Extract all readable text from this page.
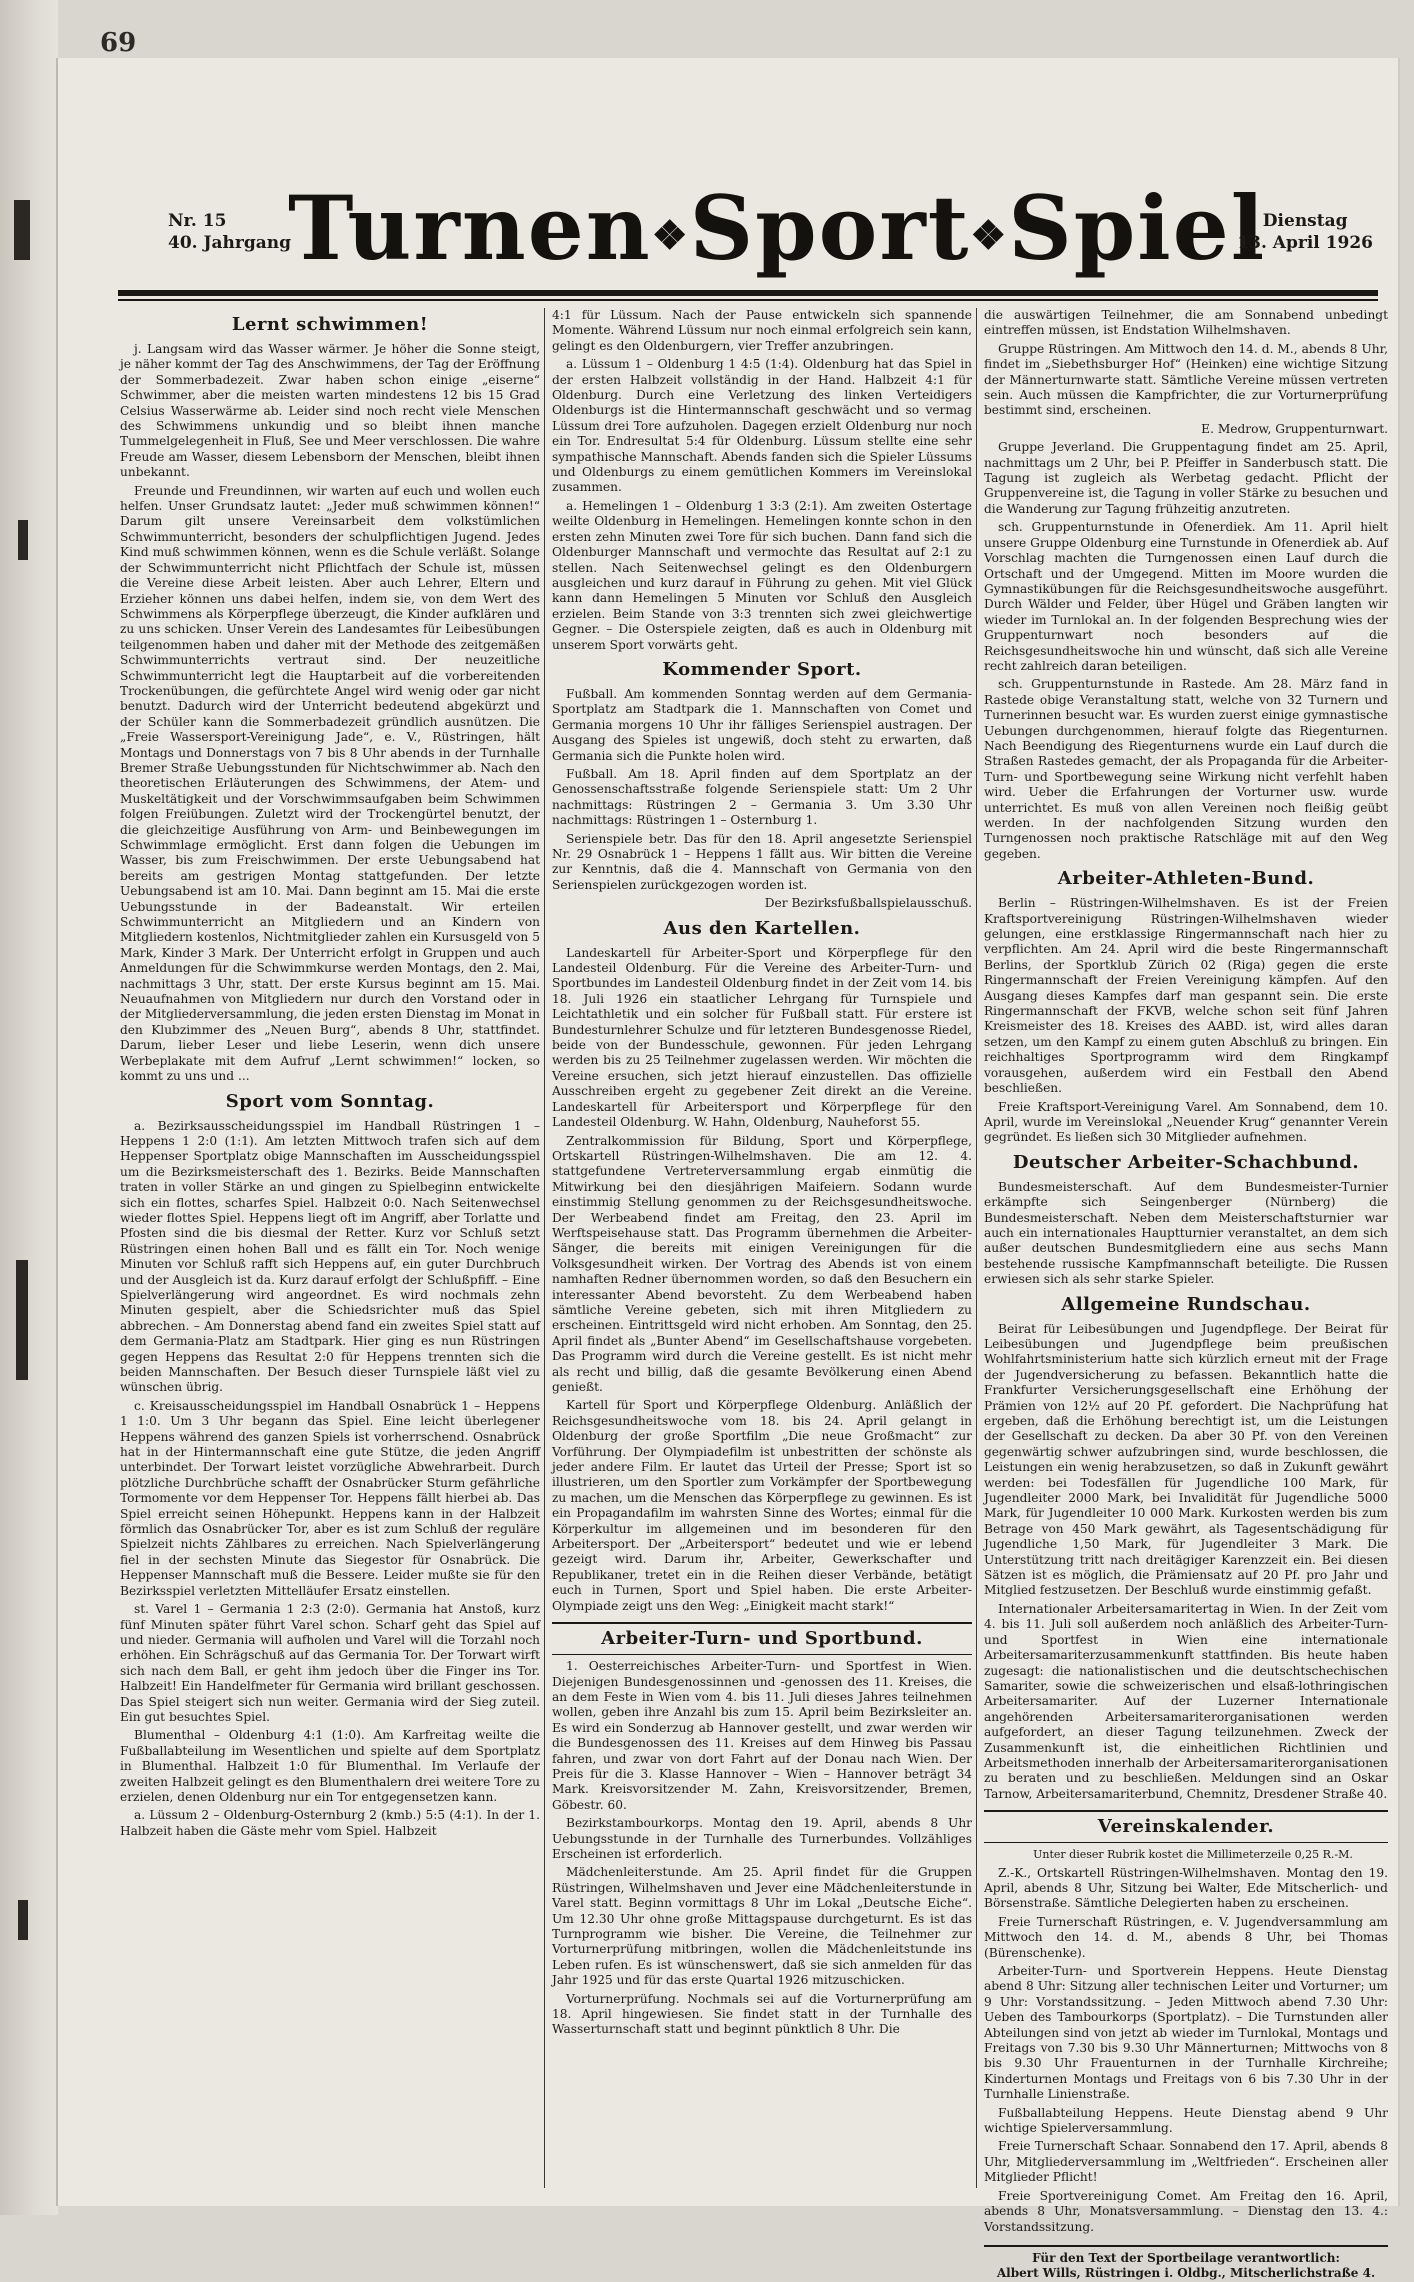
69
Nr. 15
40. Jahrgang
Turnen❖Sport❖Spiel
Dienstag
13. April 1926
Lernt schwimmen!

j. Langsam wird das Wasser wärmer. Je höher die Sonne steigt, je näher kommt der Tag des Anschwimmens, der Tag der Eröffnung der Sommerbadezeit. Zwar haben schon einige „eiserne“ Schwimmer, aber die meisten warten mindestens 12 bis 15 Grad Celsius Wasserwärme ab. Leider sind noch recht viele Menschen des Schwimmens unkundig und so bleibt ihnen manche Tummelgelegenheit in Fluß, See und Meer verschlossen. Die wahre Freude am Wasser, diesem Lebensborn der Menschen, bleibt ihnen unbekannt.

Freunde und Freundinnen, wir warten auf euch und wollen euch helfen. Unser Grundsatz lautet: „Jeder muß schwimmen können!“ Darum gilt unsere Vereinsarbeit dem volkstümlichen Schwimmunterricht, besonders der schulpflichtigen Jugend. Jedes Kind muß schwimmen können, wenn es die Schule verläßt. Solange der Schwimmunterricht nicht Pflichtfach der Schule ist, müssen die Vereine diese Arbeit leisten. Aber auch Lehrer, Eltern und Erzieher können uns dabei helfen, indem sie, von dem Wert des Schwimmens als Körperpflege überzeugt, die Kinder aufklären und zu uns schicken. Unser Verein des Landesamtes für Leibesübungen teilgenommen haben und daher mit der Methode des zeitgemäßen Schwimmunterrichts vertraut sind. Der neuzeitliche Schwimmunterricht legt die Hauptarbeit auf die vorbereitenden Trockenübungen, die gefürchtete Angel wird wenig oder gar nicht benutzt. Dadurch wird der Unterricht bedeutend abgekürzt und der Schüler kann die Sommerbadezeit gründlich ausnützen. Die „Freie Wassersport-Vereinigung Jade“, e. V., Rüstringen, hält Montags und Donnerstags von 7 bis 8 Uhr abends in der Turnhalle Bremer Straße Uebungsstunden für Nichtschwimmer ab. Nach den theoretischen Erläuterungen des Schwimmens, der Atem- und Muskeltätigkeit und der Vorschwimmsaufgaben beim Schwimmen folgen Freiübungen. Zuletzt wird der Trockengürtel benutzt, der die gleichzeitige Ausführung von Arm- und Beinbewegungen im Schwimmlage ermöglicht. Erst dann folgen die Uebungen im Wasser, bis zum Freischwimmen. Der erste Uebungsabend hat bereits am gestrigen Montag stattgefunden. Der letzte Uebungsabend ist am 10. Mai. Dann beginnt am 15. Mai die erste Uebungsstunde in der Badeanstalt. Wir erteilen Schwimmunterricht an Mitgliedern und an Kindern von Mitgliedern kostenlos, Nichtmitglieder zahlen ein Kursusgeld von 5 Mark, Kinder 3 Mark. Der Unterricht erfolgt in Gruppen und auch Anmeldungen für die Schwimmkurse werden Montags, den 2. Mai, nachmittags 3 Uhr, statt. Der erste Kursus beginnt am 15. Mai. Neuaufnahmen von Mitgliedern nur durch den Vorstand oder in der Mitgliederversammlung, die jeden ersten Dienstag im Monat in den Klubzimmer des „Neuen Burg“, abends 8 Uhr, stattfindet. Darum, lieber Leser und liebe Leserin, wenn dich unsere Werbeplakate mit dem Aufruf „Lernt schwimmen!“ locken, so kommt zu uns und ...

Sport vom Sonntag.

a. Bezirksausscheidungsspiel im Handball Rüstringen 1 – Heppens 1 2:0 (1:1). Am letzten Mittwoch trafen sich auf dem Heppenser Sportplatz obige Mannschaften im Ausscheidungsspiel um die Bezirksmeisterschaft des 1. Bezirks. Beide Mannschaften traten in voller Stärke an und gingen zu Spielbeginn entwickelte sich ein flottes, scharfes Spiel. Halbzeit 0:0. Nach Seitenwechsel wieder flottes Spiel. Heppens liegt oft im Angriff, aber Torlatte und Pfosten sind die bis diesmal der Retter. Kurz vor Schluß setzt Rüstringen einen hohen Ball und es fällt ein Tor. Noch wenige Minuten vor Schluß rafft sich Heppens auf, ein guter Durchbruch und der Ausgleich ist da. Kurz darauf erfolgt der Schlußpfiff. – Eine Spielverlängerung wird angeordnet. Es wird nochmals zehn Minuten gespielt, aber die Schiedsrichter muß das Spiel abbrechen. – Am Donnerstag abend fand ein zweites Spiel statt auf dem Germania-Platz am Stadtpark. Hier ging es nun Rüstringen gegen Heppens das Resultat 2:0 für Heppens trennten sich die beiden Mannschaften. Der Besuch dieser Turnspiele läßt viel zu wünschen übrig.

c. Kreisausscheidungsspiel im Handball Osnabrück 1 – Heppens 1 1:0. Um 3 Uhr begann das Spiel. Eine leicht überlegener Heppens während des ganzen Spiels ist vorherrschend. Osnabrück hat in der Hintermannschaft eine gute Stütze, die jeden Angriff unterbindet. Der Torwart leistet vorzügliche Abwehrarbeit. Durch plötzliche Durchbrüche schafft der Osnabrücker Sturm gefährliche Tormomente vor dem Heppenser Tor. Heppens fällt hierbei ab. Das Spiel erreicht seinen Höhepunkt. Heppens kann in der Halbzeit förmlich das Osnabrücker Tor, aber es ist zum Schluß der reguläre Spielzeit nichts Zählbares zu erreichen. Nach Spielverlängerung fiel in der sechsten Minute das Siegestor für Osnabrück. Die Heppenser Mannschaft muß die Bessere. Leider mußte sie für den Bezirksspiel verletzten Mittelläufer Ersatz einstellen.

st. Varel 1 – Germania 1 2:3 (2:0). Germania hat Anstoß, kurz fünf Minuten später führt Varel schon. Scharf geht das Spiel auf und nieder. Germania will aufholen und Varel will die Torzahl noch erhöhen. Ein Schrägschuß auf das Germania Tor. Der Torwart wirft sich nach dem Ball, er geht ihm jedoch über die Finger ins Tor. Halbzeit! Ein Handelfmeter für Germania wird brillant geschossen. Das Spiel steigert sich nun weiter. Germania wird der Sieg zuteil. Ein gut besuchtes Spiel.

Blumenthal – Oldenburg 4:1 (1:0). Am Karfreitag weilte die Fußballabteilung im Wesentlichen und spielte auf dem Sportplatz in Blumenthal. Halbzeit 1:0 für Blumenthal. Im Verlaufe der zweiten Halbzeit gelingt es den Blumenthalern drei weitere Tore zu erzielen, denen Oldenburg nur ein Tor entgegensetzen kann.

a. Lüssum 2 – Oldenburg-Osternburg 2 (kmb.) 5:5 (4:1). In der 1. Halbzeit haben die Gäste mehr vom Spiel. Halbzeit

4:1 für Lüssum. Nach der Pause entwickeln sich spannende Momente. Während Lüssum nur noch einmal erfolgreich sein kann, gelingt es den Oldenburgern, vier Treffer anzubringen.

a. Lüssum 1 – Oldenburg 1 4:5 (1:4). Oldenburg hat das Spiel in der ersten Halbzeit vollständig in der Hand. Halbzeit 4:1 für Oldenburg. Durch eine Verletzung des linken Verteidigers Oldenburgs ist die Hintermannschaft geschwächt und so vermag Lüssum drei Tore aufzuholen. Dagegen erzielt Oldenburg nur noch ein Tor. Endresultat 5:4 für Oldenburg. Lüssum stellte eine sehr sympathische Mannschaft. Abends fanden sich die Spieler Lüssums und Oldenburgs zu einem gemütlichen Kommers im Vereinslokal zusammen.

a. Hemelingen 1 – Oldenburg 1 3:3 (2:1). Am zweiten Ostertage weilte Oldenburg in Hemelingen. Hemelingen konnte schon in den ersten zehn Minuten zwei Tore für sich buchen. Dann fand sich die Oldenburger Mannschaft und vermochte das Resultat auf 2:1 zu stellen. Nach Seitenwechsel gelingt es den Oldenburgern ausgleichen und kurz darauf in Führung zu gehen. Mit viel Glück kann dann Hemelingen 5 Minuten vor Schluß den Ausgleich erzielen. Beim Stande von 3:3 trennten sich zwei gleichwertige Gegner. – Die Osterspiele zeigten, daß es auch in Oldenburg mit unserem Sport vorwärts geht.

Kommender Sport.

Fußball. Am kommenden Sonntag werden auf dem Germania-Sportplatz am Stadtpark die 1. Mannschaften von Comet und Germania morgens 10 Uhr ihr fälliges Serienspiel austragen. Der Ausgang des Spieles ist ungewiß, doch steht zu erwarten, daß Germania sich die Punkte holen wird.

Fußball. Am 18. April finden auf dem Sportplatz an der Genossenschaftsstraße folgende Serienspiele statt: Um 2 Uhr nachmittags: Rüstringen 2 – Germania 3. Um 3.30 Uhr nachmittags: Rüstringen 1 – Osternburg 1.

Serienspiele betr. Das für den 18. April angesetzte Serienspiel Nr. 29 Osnabrück 1 – Heppens 1 fällt aus. Wir bitten die Vereine zur Kenntnis, daß die 4. Mannschaft von Germania von den Serienspielen zurückgezogen worden ist.

Der Bezirksfußballspielausschuß.

Aus den Kartellen.

Landeskartell für Arbeiter-Sport und Körperpflege für den Landesteil Oldenburg. Für die Vereine des Arbeiter-Turn- und Sportbundes im Landesteil Oldenburg findet in der Zeit vom 14. bis 18. Juli 1926 ein staatlicher Lehrgang für Turnspiele und Leichtathletik und ein solcher für Fußball statt. Für erstere ist Bundesturnlehrer Schulze und für letzteren Bundesgenosse Riedel, beide von der Bundesschule, gewonnen. Für jeden Lehrgang werden bis zu 25 Teilnehmer zugelassen werden. Wir möchten die Vereine ersuchen, sich jetzt hierauf einzustellen. Das offizielle Ausschreiben ergeht zu gegebener Zeit direkt an die Vereine. Landeskartell für Arbeitersport und Körperpflege für den Landesteil Oldenburg. W. Hahn, Oldenburg, Nauheforst 55.

Zentralkommission für Bildung, Sport und Körperpflege, Ortskartell Rüstringen-Wilhelmshaven. Die am 12. 4. stattgefundene Vertreterversammlung ergab einmütig die Mitwirkung bei den diesjährigen Maifeiern. Sodann wurde einstimmig Stellung genommen zu der Reichsgesundheitswoche. Der Werbeabend findet am Freitag, den 23. April im Werftspeisehause statt. Das Programm übernehmen die Arbeiter-Sänger, die bereits mit einigen Vereinigungen für die Volksgesundheit wirken. Der Vortrag des Abends ist von einem namhaften Redner übernommen worden, so daß den Besuchern ein interessanter Abend bevorsteht. Zu dem Werbeabend haben sämtliche Vereine gebeten, sich mit ihren Mitgliedern zu erscheinen. Eintrittsgeld wird nicht erhoben. Am Sonntag, den 25. April findet als „Bunter Abend“ im Gesellschaftshause vorgebeten. Das Programm wird durch die Vereine gestellt. Es ist nicht mehr als recht und billig, daß die gesamte Bevölkerung einen Abend genießt.

Kartell für Sport und Körperpflege Oldenburg. Anläßlich der Reichsgesundheitswoche vom 18. bis 24. April gelangt in Oldenburg der große Sportfilm „Die neue Großmacht“ zur Vorführung. Der Olympiadefilm ist unbestritten der schönste als jeder andere Film. Er lautet das Urteil der Presse; Sport ist so illustrieren, um den Sportler zum Vorkämpfer der Sportbewegung zu machen, um die Menschen das Körperpflege zu gewinnen. Es ist ein Propagandafilm im wahrsten Sinne des Wortes; einmal für die Körperkultur im allgemeinen und im besonderen für den Arbeitersport. Der „Arbeitersport“ bedeutet und wie er lebend gezeigt wird. Darum ihr, Arbeiter, Gewerkschafter und Republikaner, tretet ein in die Reihen dieser Verbände, betätigt euch in Turnen, Sport und Spiel haben. Die erste Arbeiter-Olympiade zeigt uns den Weg: „Einigkeit macht stark!“

Arbeiter-Turn- und Sportbund.

1. Oesterreichisches Arbeiter-Turn- und Sportfest in Wien. Diejenigen Bundesgenossinnen und -genossen des 11. Kreises, die an dem Feste in Wien vom 4. bis 11. Juli dieses Jahres teilnehmen wollen, geben ihre Anzahl bis zum 15. April beim Bezirksleiter an. Es wird ein Sonderzug ab Hannover gestellt, und zwar werden wir die Bundesgenossen des 11. Kreises auf dem Hinweg bis Passau fahren, und zwar von dort Fahrt auf der Donau nach Wien. Der Preis für die 3. Klasse Hannover – Wien – Hannover beträgt 34 Mark. Kreisvorsitzender M. Zahn, Kreisvorsitzender, Bremen, Göbestr. 60.

Bezirkstambourkorps. Montag den 19. April, abends 8 Uhr Uebungsstunde in der Turnhalle des Turnerbundes. Vollzähliges Erscheinen ist erforderlich.

Mädchenleiterstunde. Am 25. April findet für die Gruppen Rüstringen, Wilhelmshaven und Jever eine Mädchenleiterstunde in Varel statt. Beginn vormittags 8 Uhr im Lokal „Deutsche Eiche“. Um 12.30 Uhr ohne große Mittagspause durchgeturnt. Es ist das Turnprogramm wie bisher. Die Vereine, die Teilnehmer zur Vorturnerprüfung mitbringen, wollen die Mädchenleitstunde ins Leben rufen. Es ist wünschenswert, daß sie sich anmelden für das Jahr 1925 und für das erste Quartal 1926 mitzuschicken.

Vorturnerprüfung. Nochmals sei auf die Vorturnerprüfung am 18. April hingewiesen. Sie findet statt in der Turnhalle des Wasserturnschaft statt und beginnt pünktlich 8 Uhr. Die

die auswärtigen Teilnehmer, die am Sonnabend unbedingt eintreffen müssen, ist Endstation Wilhelmshaven.

Gruppe Rüstringen. Am Mittwoch den 14. d. M., abends 8 Uhr, findet im „Siebethsburger Hof“ (Heinken) eine wichtige Sitzung der Männerturnwarte statt. Sämtliche Vereine müssen vertreten sein. Auch müssen die Kampfrichter, die zur Vorturnerprüfung bestimmt sind, erscheinen.

E. Medrow, Gruppenturnwart.

Gruppe Jeverland. Die Gruppentagung findet am 25. April, nachmittags um 2 Uhr, bei P. Pfeiffer in Sanderbusch statt. Die Tagung ist zugleich als Werbetag gedacht. Pflicht der Gruppenvereine ist, die Tagung in voller Stärke zu besuchen und die Wanderung zur Tagung frühzeitig anzutreten.

sch. Gruppenturnstunde in Ofenerdiek. Am 11. April hielt unsere Gruppe Oldenburg eine Turnstunde in Ofenerdiek ab. Auf Vorschlag machten die Turngenossen einen Lauf durch die Ortschaft und der Umgegend. Mitten im Moore wurden die Gymnastikübungen für die Reichsgesundheitswoche ausgeführt. Durch Wälder und Felder, über Hügel und Gräben langten wir wieder im Turnlokal an. In der folgenden Besprechung wies der Gruppenturnwart noch besonders auf die Reichsgesundheitswoche hin und wünscht, daß sich alle Vereine recht zahlreich daran beteiligen.

sch. Gruppenturnstunde in Rastede. Am 28. März fand in Rastede obige Veranstaltung statt, welche von 32 Turnern und Turnerinnen besucht war. Es wurden zuerst einige gymnastische Uebungen durchgenommen, hierauf folgte das Riegenturnen. Nach Beendigung des Riegenturnens wurde ein Lauf durch die Straßen Rastedes gemacht, der als Propaganda für die Arbeiter-Turn- und Sportbewegung seine Wirkung nicht verfehlt haben wird. Ueber die Erfahrungen der Vorturner usw. wurde unterrichtet. Es muß von allen Vereinen noch fleißig geübt werden. In der nachfolgenden Sitzung wurden den Turngenossen noch praktische Ratschläge mit auf den Weg gegeben.

Arbeiter-Athleten-Bund.

Berlin – Rüstringen-Wilhelmshaven. Es ist der Freien Kraftsportvereinigung Rüstringen-Wilhelmshaven wieder gelungen, eine erstklassige Ringermannschaft nach hier zu verpflichten. Am 24. April wird die beste Ringermannschaft Berlins, der Sportklub Zürich 02 (Riga) gegen die erste Ringermannschaft der Freien Vereinigung kämpfen. Auf den Ausgang dieses Kampfes darf man gespannt sein. Die erste Ringermannschaft der FKVB, welche schon seit fünf Jahren Kreismeister des 18. Kreises des AABD. ist, wird alles daran setzen, um den Kampf zu einem guten Abschluß zu bringen. Ein reichhaltiges Sportprogramm wird dem Ringkampf vorausgehen, außerdem wird ein Festball den Abend beschließen.

Freie Kraftsport-Vereinigung Varel. Am Sonnabend, dem 10. April, wurde im Vereinslokal „Neuender Krug“ genannter Verein gegründet. Es ließen sich 30 Mitglieder aufnehmen.

Deutscher Arbeiter-Schachbund.

Bundesmeisterschaft. Auf dem Bundesmeister-Turnier erkämpfte sich Seingenberger (Nürnberg) die Bundesmeisterschaft. Neben dem Meisterschaftsturnier war auch ein internationales Hauptturnier veranstaltet, an dem sich außer deutschen Bundesmitgliedern eine aus sechs Mann bestehende russische Kampfmannschaft beteiligte. Die Russen erwiesen sich als sehr starke Spieler.

Allgemeine Rundschau.

Beirat für Leibesübungen und Jugendpflege. Der Beirat für Leibesübungen und Jugendpflege beim preußischen Wohlfahrtsministerium hatte sich kürzlich erneut mit der Frage der Jugendversicherung zu befassen. Bekanntlich hatte die Frankfurter Versicherungsgesellschaft eine Erhöhung der Prämien von 12½ auf 20 Pf. gefordert. Die Nachprüfung hat ergeben, daß die Erhöhung berechtigt ist, um die Leistungen der Gesellschaft zu decken. Da aber 30 Pf. von den Vereinen gegenwärtig schwer aufzubringen sind, wurde beschlossen, die Leistungen ein wenig herabzusetzen, so daß in Zukunft gewährt werden: bei Todesfällen für Jugendliche 100 Mark, für Jugendleiter 2000 Mark, bei Invalidität für Jugendliche 5000 Mark, für Jugendleiter 10 000 Mark. Kurkosten werden bis zum Betrage von 450 Mark gewährt, als Tagesentschädigung für Jugendliche 1,50 Mark, für Jugendleiter 3 Mark. Die Unterstützung tritt nach dreitägiger Karenzzeit ein. Bei diesen Sätzen ist es möglich, die Prämiensatz auf 20 Pf. pro Jahr und Mitglied festzusetzen. Der Beschluß wurde einstimmig gefaßt.

Internationaler Arbeitersamaritertag in Wien. In der Zeit vom 4. bis 11. Juli soll außerdem noch anläßlich des Arbeiter-Turn- und Sportfest in Wien eine internationale Arbeitersamariterzusammenkunft stattfinden. Bis heute haben zugesagt: die nationalistischen und die deutschtschechischen Samariter, sowie die schweizerischen und elsaß-lothringischen Arbeitersamariter. Auf der Luzerner Internationale angehörenden Arbeitersamariterorganisationen werden aufgefordert, an dieser Tagung teilzunehmen. Zweck der Zusammenkunft ist, die einheitlichen Richtlinien und Arbeitsmethoden innerhalb der Arbeitersamariterorganisationen zu beraten und zu beschließen. Meldungen sind an Oskar Tarnow, Arbeitersamariterbund, Chemnitz, Dresdener Straße 40.

Vereinskalender.

Unter dieser Rubrik kostet die Millimeterzeile 0,25 R.-M.

Z.-K., Ortskartell Rüstringen-Wilhelmshaven. Montag den 19. April, abends 8 Uhr, Sitzung bei Walter, Ede Mitscherlich- und Börsenstraße. Sämtliche Delegierten haben zu erscheinen.

Freie Turnerschaft Rüstringen, e. V. Jugendversammlung am Mittwoch den 14. d. M., abends 8 Uhr, bei Thomas (Bürenschenke).

Arbeiter-Turn- und Sportverein Heppens. Heute Dienstag abend 8 Uhr: Sitzung aller technischen Leiter und Vorturner; um 9 Uhr: Vorstandssitzung. – Jeden Mittwoch abend 7.30 Uhr: Ueben des Tambourkorps (Sportplatz). – Die Turnstunden aller Abteilungen sind von jetzt ab wieder im Turnlokal, Montags und Freitags von 7.30 bis 9.30 Uhr Männerturnen; Mittwochs von 8 bis 9.30 Uhr Frauenturnen in der Turnhalle Kirchreihe; Kinderturnen Montags und Freitags von 6 bis 7.30 Uhr in der Turnhalle Linienstraße.

Fußballabteilung Heppens. Heute Dienstag abend 9 Uhr wichtige Spielerversammlung.

Freie Turnerschaft Schaar. Sonnabend den 17. April, abends 8 Uhr, Mitgliederversammlung im „Weltfrieden“. Erscheinen aller Mitglieder Pflicht!

Freie Sportvereinigung Comet. Am Freitag den 16. April, abends 8 Uhr, Monatsversammlung. – Dienstag den 13. 4.: Vorstandssitzung.

Für den Text der Sportbeilage verantwortlich:
Albert Wills, Rüstringen i. Oldbg., Mitscherlichstraße 4.
